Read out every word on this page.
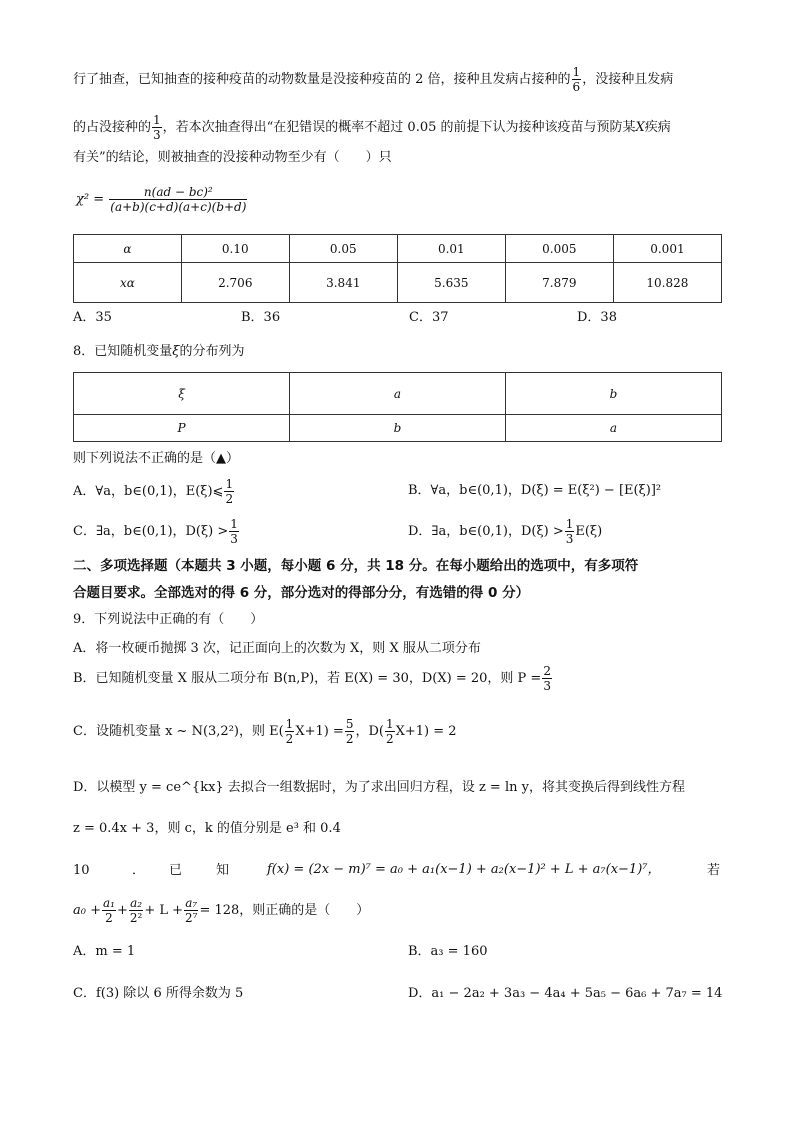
行了抽查，已知抽查的接种疫苗的动物数量是没接种疫苗的 2 倍，接种且发病占接种的 $\frac{1}{6}$ ，没接种且发病
的占没接种的 $\frac{1}{3}$ ，若本次抽查得出“在犯错误的概率不超过 0.05 的前提下认为接种该疫苗与预防某X疾病
有关”的结论，则被抽查的没接种动物至少有（　　）只
$\chi^2 = \frac{\text{n(ad − bc)²}}{(a+b)(c+d)(a+c)(b+d)}$
α	0.10	0.05	0.01	0.005	0.001
xα	2.706	3.841	5.635	7.879	10.828
A．35	B．36	C．37	D．38
8．已知随机变量ξ的分布列为
ξ	a	b
P	b	a
则下列说法不正确的是（▲）
A．∀a，b∈(0,1)，E(ξ)⩽ $\frac{1}{2}$	B．∀a，b∈(0,1)，D(ξ) = E(ξ²) − [E(ξ)]²
C．∃a，b∈(0,1)，$D(\xi) > \frac{1}{3}$	D．∃a，b∈(0,1)，$D(\xi) > \frac{1}{3} E(\xi)$
二、多项选择题（本题共 3 小题，每小题 6 分，共 18 分。在每小题给出的选项中，有多项符
合题目要求。全部选对的得 6 分，部分选对的得部分分，有选错的得 0 分）
9．下列说法中正确的有（　　）
A．将一枚硬币抛掷 3 次，记正面向上的次数为 X，则 X 服从二项分布
B．已知随机变量 X 服从二项分布 B(n,P)，若 E(X) = 30，D(X) = 20，则 $P = \frac{2}{3}$
C．设随机变量 x ~ N(3,2²)，则 $E( \frac{1}{2} X+1) = \frac{5}{2}$ ，$D( \frac{1}{2} X+1) = 2$
D．以模型 y = ce^{kx} 去拟合一组数据时，为了求出回归方程，设 z = ln y，将其变换后得到线性方程
z = 0.4x + 3，则 c，k 的值分别是 e³ 和 0.4
10	． 已	知	f(x) = (2x − m)⁷ = a₀ + a₁(x−1) + a₂(x−1)² + L + a₇(x−1)⁷，	若
$a_0 + \frac{\text{a₁}}{2} + \frac{\text{a₂}}{\text{2²}} + L + \frac{\text{a₇}}{\text{2⁷}} = 128$，则正确的是（　　）
A．m = 1	B．a₃ = 160
C．f(3) 除以 6 所得余数为 5	D．a₁ − 2a₂ + 3a₃ − 4a₄ + 5a₅ − 6a₆ + 7a₇ = 14
